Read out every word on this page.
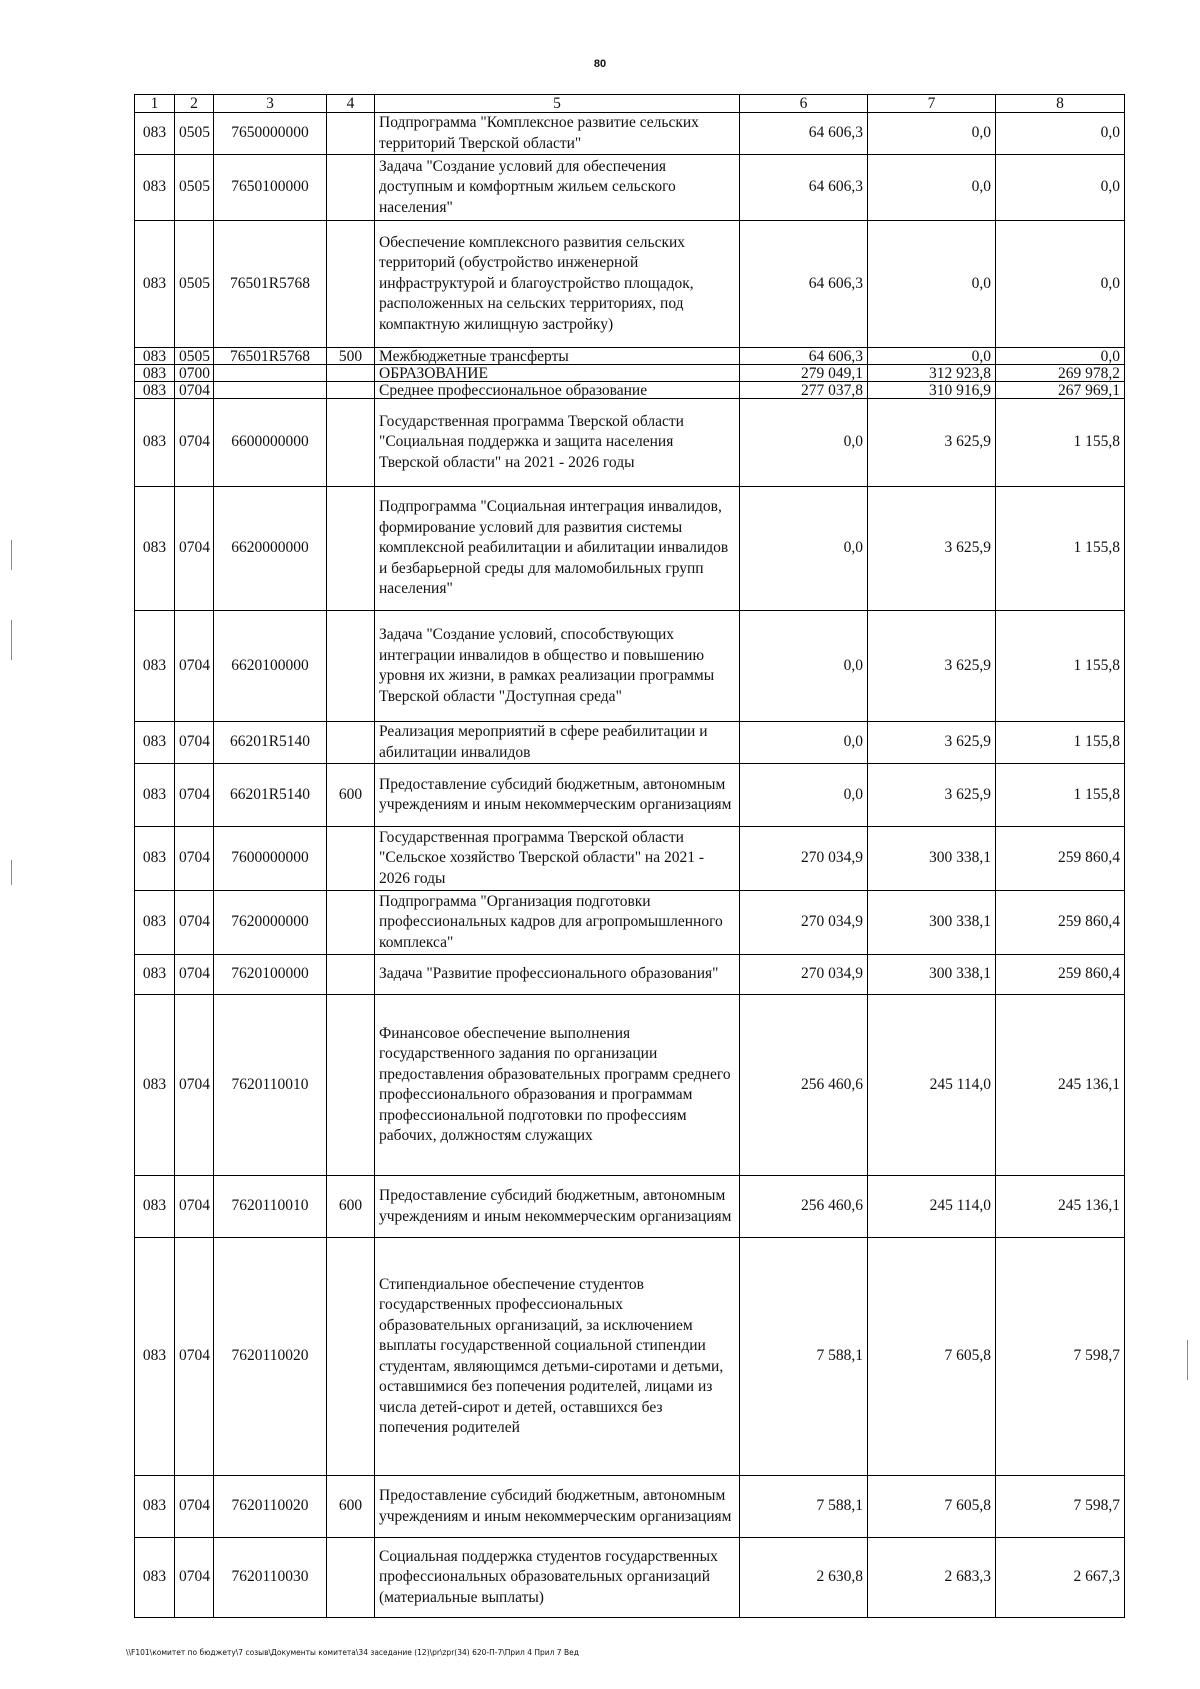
80
1	2	3	4	5	6	7	8
083	0505	7650000000		Подпрограмма "Комплексное развитие сельских территорий Тверской области"	64 606,3	0,0	0,0
083	0505	7650100000		Задача "Создание условий для обеспечения доступным и комфортным жильем сельского населения"	64 606,3	0,0	0,0
083	0505	76501R5768		Обеспечение комплексного развития сельских территорий (обустройство инженерной инфраструктурой и благоустройство площадок, расположенных на сельских территориях, под компактную жилищную застройку)	64 606,3	0,0	0,0
083	0505	76501R5768	500	Межбюджетные трансферты	64 606,3	0,0	0,0
083	0700			ОБРАЗОВАНИЕ	279 049,1	312 923,8	269 978,2
083	0704			Среднее профессиональное образование	277 037,8	310 916,9	267 969,1
083	0704	6600000000		Государственная программа Тверской области "Социальная поддержка и защита населения Тверской области" на 2021 - 2026 годы	0,0	3 625,9	1 155,8
083	0704	6620000000		Подпрограмма "Социальная интеграция инвалидов, формирование условий для развития системы комплексной реабилитации и абилитации инвалидов и безбарьерной среды для маломобильных групп населения"	0,0	3 625,9	1 155,8
083	0704	6620100000		Задача "Создание условий, способствующих интеграции инвалидов в общество и повышению уровня их жизни, в рамках реализации программы Тверской области "Доступная среда"	0,0	3 625,9	1 155,8
083	0704	66201R5140		Реализация мероприятий в сфере реабилитации и абилитации инвалидов	0,0	3 625,9	1 155,8
083	0704	66201R5140	600	Предоставление субсидий бюджетным, автономным учреждениям и иным некоммерческим организациям	0,0	3 625,9	1 155,8
083	0704	7600000000		Государственная программа Тверской области "Сельское хозяйство Тверской области" на 2021 - 2026 годы	270 034,9	300 338,1	259 860,4
083	0704	7620000000		Подпрограмма "Организация подготовки профессиональных кадров для агропромышленного комплекса"	270 034,9	300 338,1	259 860,4
083	0704	7620100000		Задача "Развитие профессионального образования"	270 034,9	300 338,1	259 860,4
083	0704	7620110010		Финансовое обеспечение выполнения государственного задания по организации предоставления образовательных программ среднего профессионального образования и программам профессиональной подготовки по профессиям рабочих, должностям служащих	256 460,6	245 114,0	245 136,1
083	0704	7620110010	600	Предоставление субсидий бюджетным, автономным учреждениям и иным некоммерческим организациям	256 460,6	245 114,0	245 136,1
083	0704	7620110020		Стипендиальное обеспечение студентов государственных профессиональных образовательных организаций, за исключением выплаты государственной социальной стипендии студентам, являющимся детьми-сиротами и детьми, оставшимися без попечения родителей, лицами из числа детей-сирот и детей, оставшихся без попечения родителей	7 588,1	7 605,8	7 598,7
083	0704	7620110020	600	Предоставление субсидий бюджетным, автономным учреждениям и иным некоммерческим организациям	7 588,1	7 605,8	7 598,7
083	0704	7620110030		Социальная поддержка студентов государственных профессиональных образовательных организаций (материальные выплаты)	2 630,8	2 683,3	2 667,3
\\F101\комитет по бюджету\7 созыв\Документы комитета\34 заседание (12)\pr\zpr(34) 620-П-7\Прил 4 Прил 7 Вед
